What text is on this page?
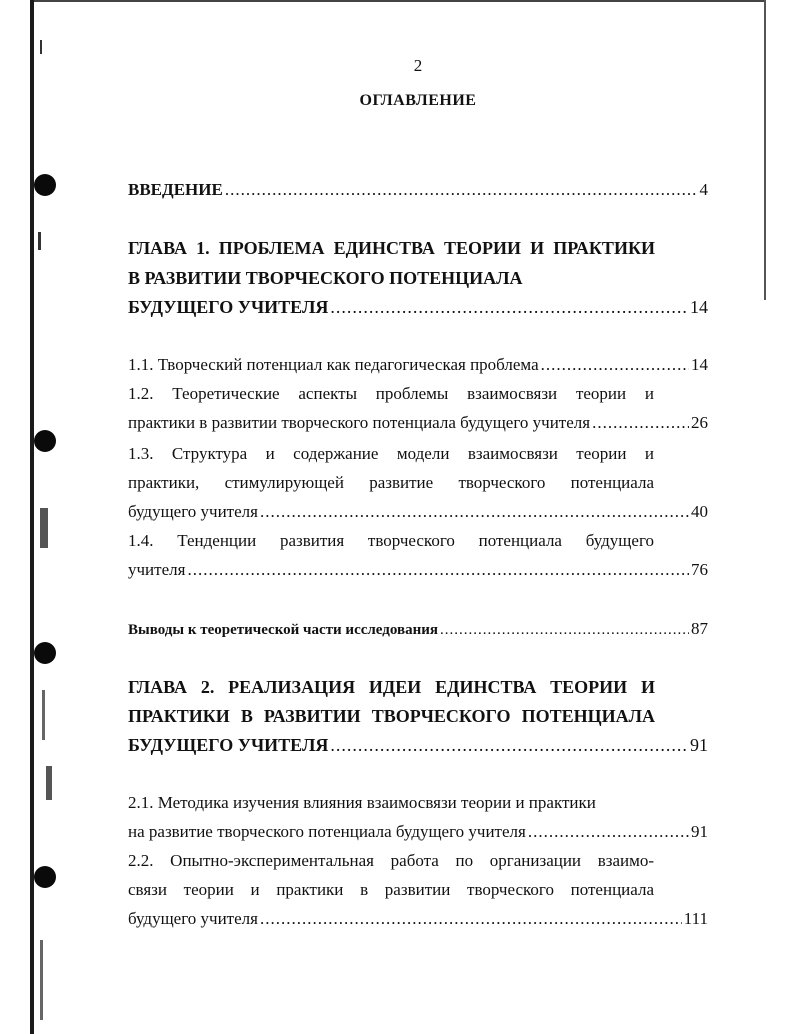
2
ОГЛАВЛЕНИЕ
ВВЕДЕНИЕ .....	4
ГЛАВА 1. ПРОБЛЕМА ЕДИНСТВА ТЕОРИИ И ПРАКТИКИ
В РАЗВИТИИ ТВОРЧЕСКОГО ПОТЕНЦИАЛА
БУДУЩЕГО УЧИТЕЛЯ .....	14
1.1. Творческий потенциал как педагогическая проблема .....	14
1.2. Теоретические аспекты проблемы взаимосвязи теории и
практики в развитии творческого потенциала будущего учителя .....	26
1.3. Структура и содержание модели взаимосвязи теории и
практики, стимулирующей развитие творческого потенциала
будущего учителя .....	40
1.4. Тенденции развития творческого потенциала будущего
учителя .....	76
Выводы к теоретической части исследования .....	87
ГЛАВА 2. РЕАЛИЗАЦИЯ ИДЕИ ЕДИНСТВА ТЕОРИИ И
ПРАКТИКИ В РАЗВИТИИ ТВОРЧЕСКОГО ПОТЕНЦИАЛА
БУДУЩЕГО УЧИТЕЛЯ .....	91
2.1. Методика изучения влияния взаимосвязи теории и практики
на развитие творческого потенциала будущего учителя .....	91
2.2. Опытно-экспериментальная работа по организации взаимо-
связи теории и практики в развитии творческого потенциала
будущего учителя .....	111
